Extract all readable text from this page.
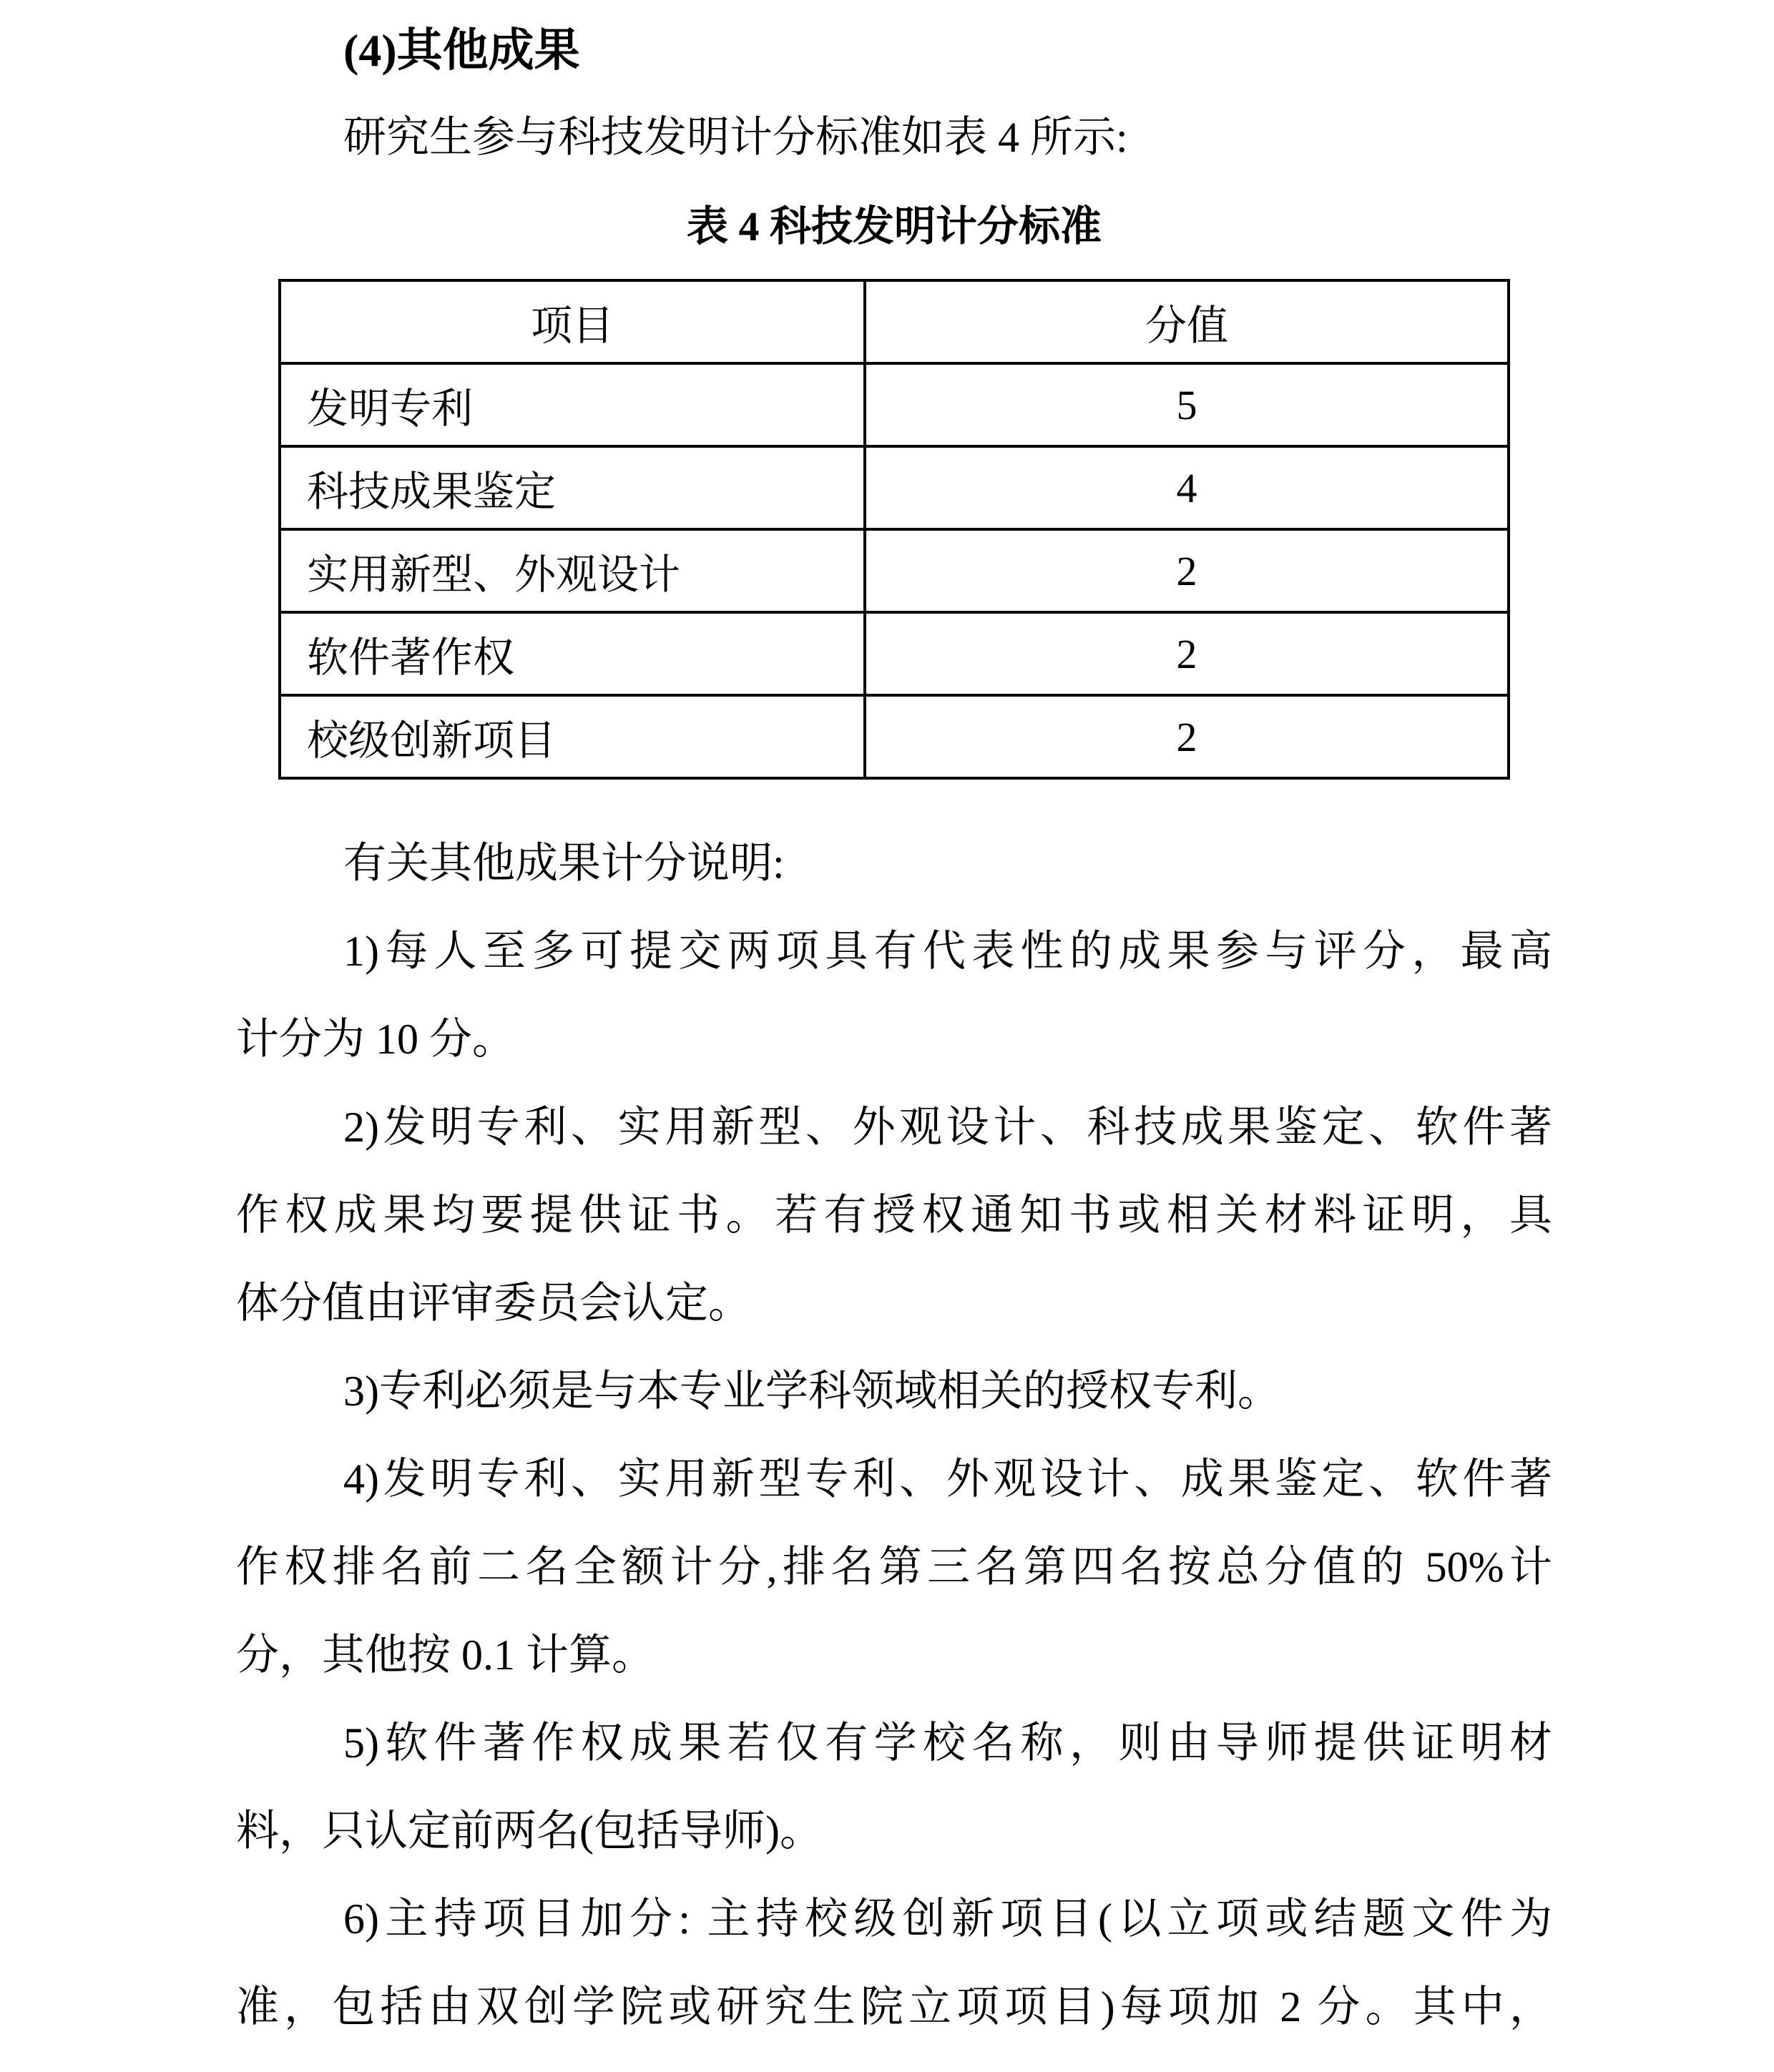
(4)其他成果
研究生参与科技发明计分标准如表 4 所示:
表 4 科技发明计分标准
项目	分值
发明专利	5
科技成果鉴定	4
实用新型、外观设计	2
软件著作权	2
校级创新项目	2
有关其他成果计分说明:
1)每人至多可提交两项具有代表性的成果参与评分，最高
计分为 10 分。
2)发明专利、实用新型、外观设计、科技成果鉴定、软件著
作权成果均要提供证书。若有授权通知书或相关材料证明，具
体分值由评审委员会认定。
3)专利必须是与本专业学科领域相关的授权专利。
4)发明专利、实用新型专利、外观设计、成果鉴定、软件著
作权排名前二名全额计分,排名第三名第四名按总分值的 50%计
分，其他按 0.1 计算。
5)软件著作权成果若仅有学校名称，则由导师提供证明材
料，只认定前两名(包括导师)。
6)主持项目加分: 主持校级创新项目(以立项或结题文件为
准，包括由双创学院或研究生院立项项目)每项加 2 分。其中，
